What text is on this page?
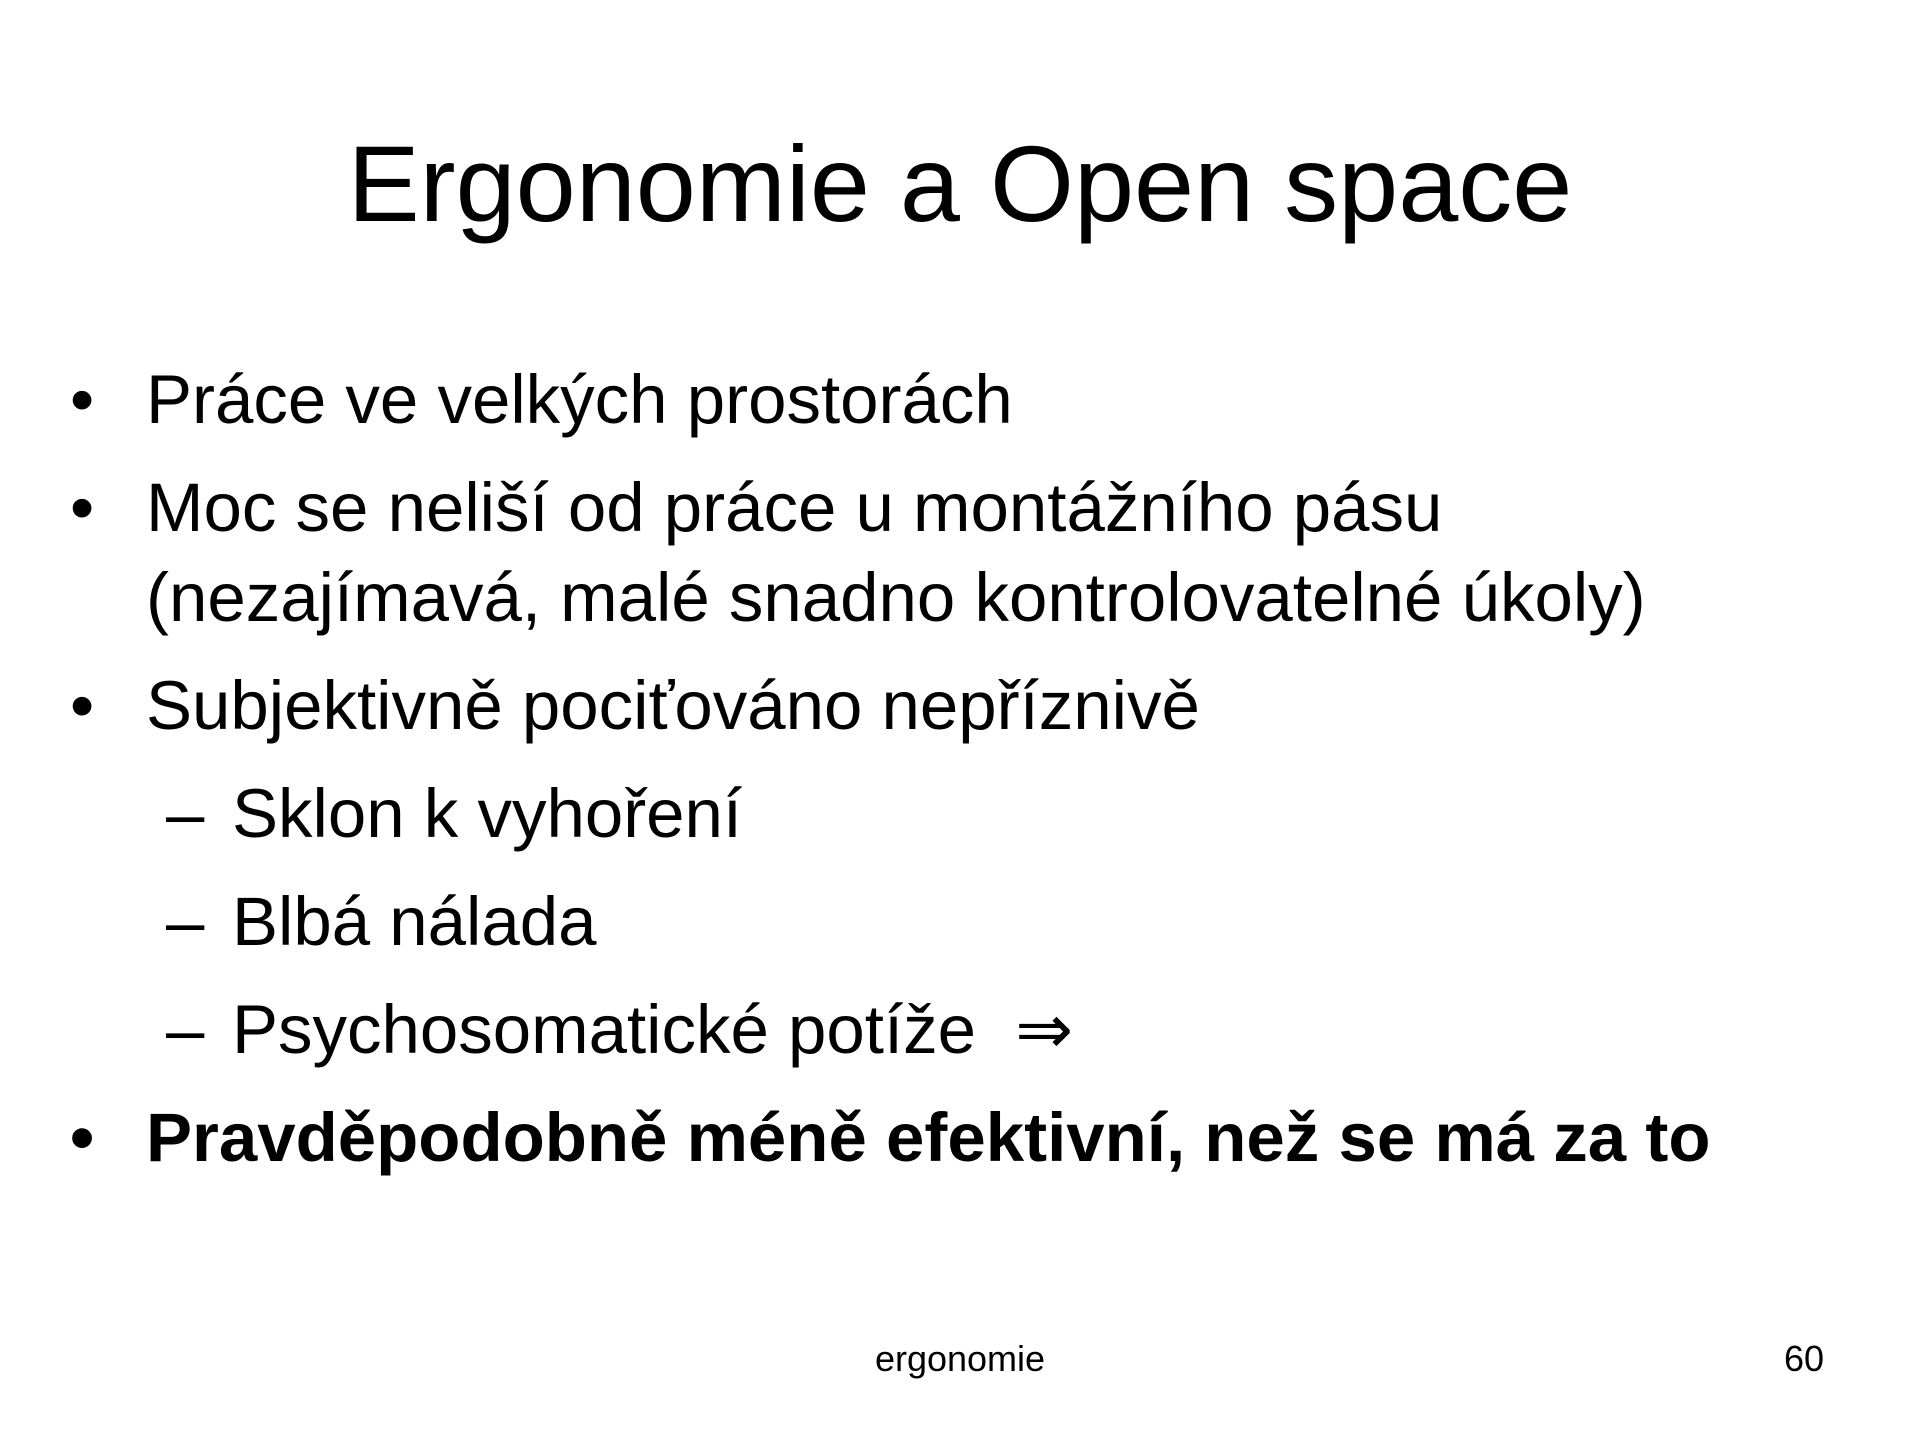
Ergonomie a Open space
• Práce ve velkých prostorách
• Moc se neliší od práce u montážního pásu (nezajímavá, malé snadno kontrolovatelné úkoly)
• Subjektivně pociťováno nepříznivě
– Sklon k vyhoření
– Blbá nálada
– Psychosomatické potíže ⇒
• Pravděpodobně méně efektivní, než se má za to
ergonomie	60
